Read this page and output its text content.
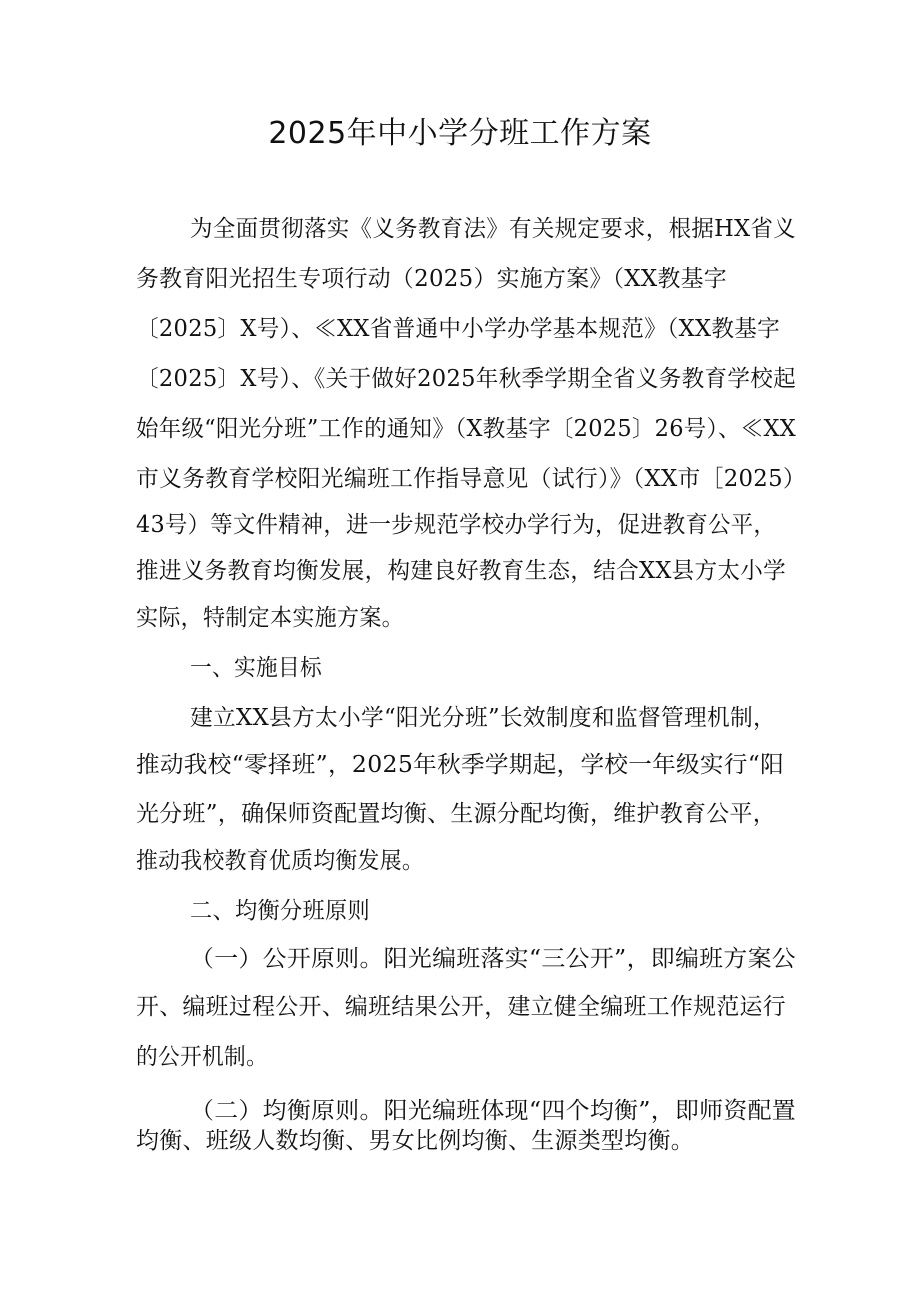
2025年中小学分班工作方案
为全面贯彻落实《义务教育法》有关规定要求，根据HX省义
务教育阳光招生专项行动（2025）实施方案》（XX教基字
〔2025〕X号）、≪XX省普通中小学办学基本规范》（XX教基字
〔2025〕X号）、《关于做好2025年秋季学期全省义务教育学校起
始年级“阳光分班”工作的通知》（X教基字〔2025〕26号）、≪XX
市义务教育学校阳光编班工作指导意见（试行）》（XX市［2025）
43号）等文件精神，进一步规范学校办学行为，促进教育公平，
推进义务教育均衡发展，构建良好教育生态，结合XX县方太小学
实际，特制定本实施方案。
一、实施目标
建立XX县方太小学“阳光分班”长效制度和监督管理机制，
推动我校“零择班”，2025年秋季学期起，学校一年级实行“阳
光分班”，确保师资配置均衡、生源分配均衡，维护教育公平，
推动我校教育优质均衡发展。
二、均衡分班原则
（一）公开原则。阳光编班落实“三公开”，即编班方案公
开、编班过程公开、编班结果公开，建立健全编班工作规范运行
的公开机制。
（二）均衡原则。阳光编班体现“四个均衡”，即师资配置
均衡、班级人数均衡、男女比例均衡、生源类型均衡。
